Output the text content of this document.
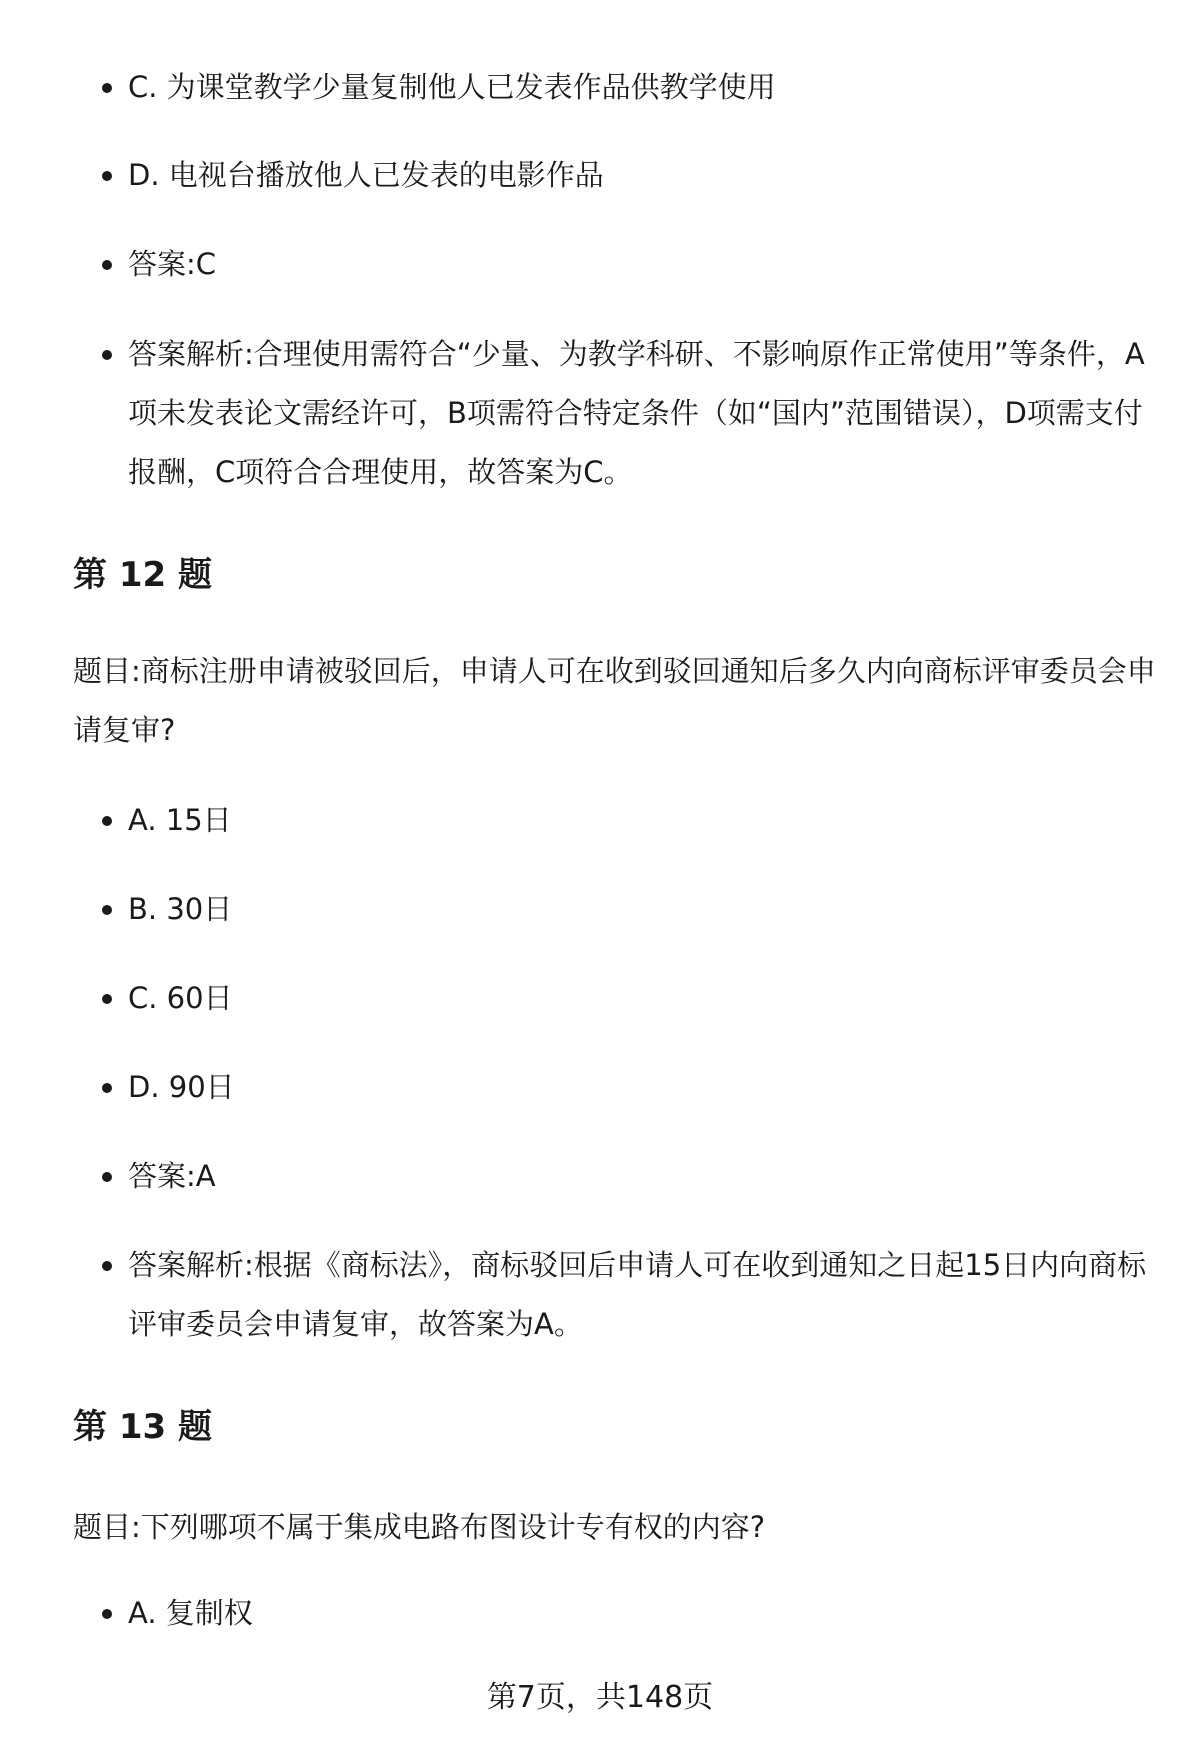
C. 为课堂教学少量复制他人已发表作品供教学使用
D. 电视台播放他人已发表的电影作品
答案:C
答案解析:合理使用需符合“少量、为教学科研、不影响原作正常使用”等条件，A项未发表论文需经许可，B项需符合特定条件（如“国内”范围错误），D项需支付报酬，C项符合合理使用，故答案为C。
第 12 题

题目:商标注册申请被驳回后，申请人可在收到驳回通知后多久内向商标评审委员会申请复审?

A. 15日
B. 30日
C. 60日
D. 90日
答案:A
答案解析:根据《商标法》，商标驳回后申请人可在收到通知之日起15日内向商标评审委员会申请复审，故答案为A。
第 13 题

题目:下列哪项不属于集成电路布图设计专有权的内容?

A. 复制权
第7页，共148页
